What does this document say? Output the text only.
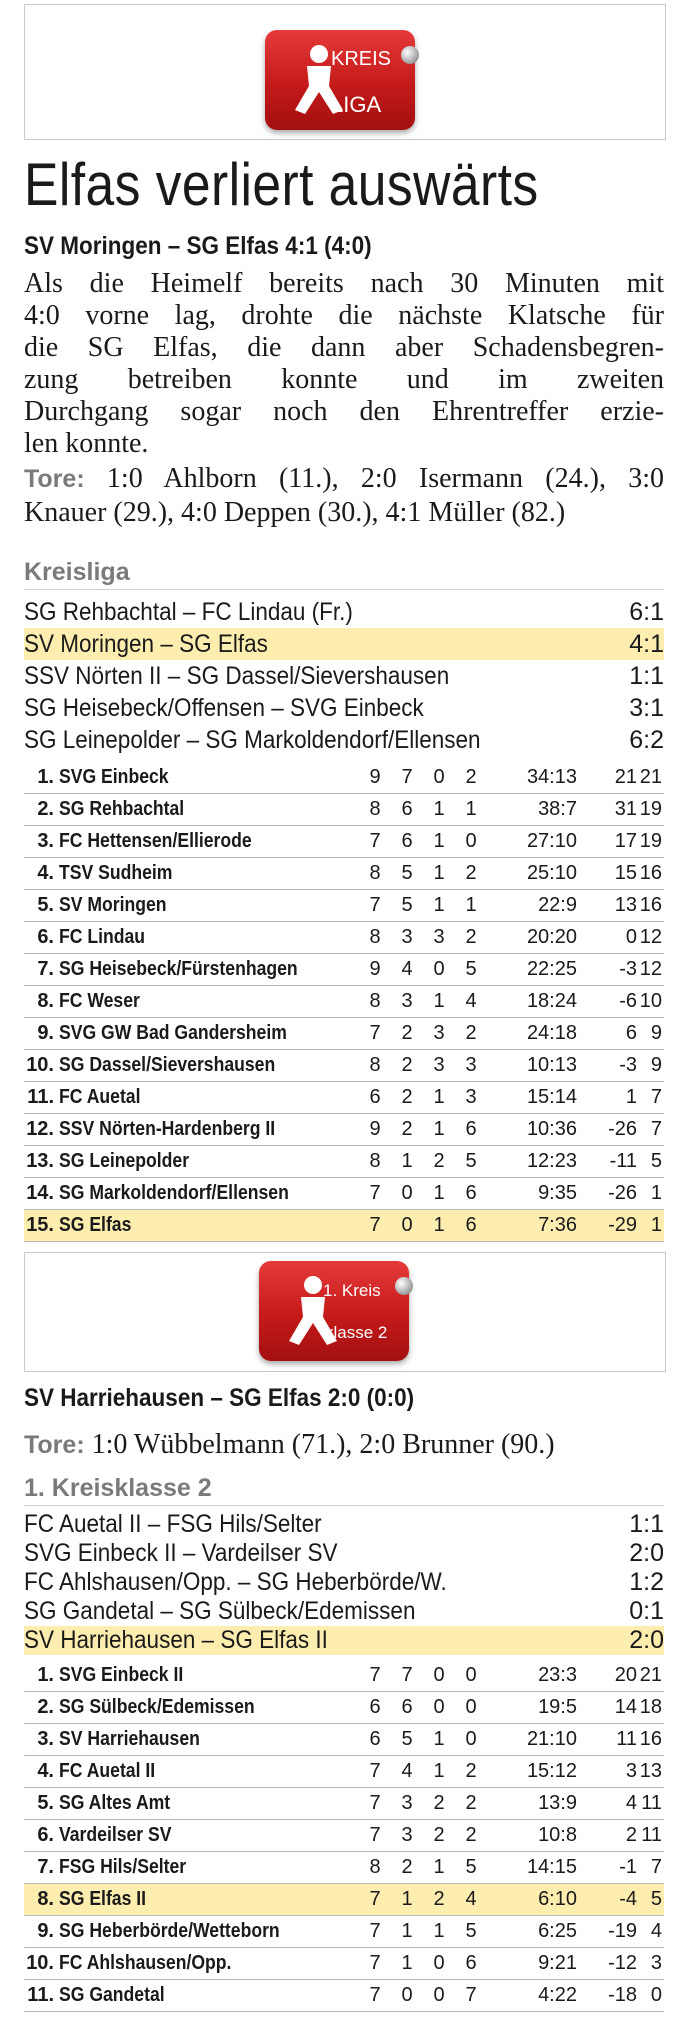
KREIS
LIGA
Elfas verliert auswärts
SV Moringen – SG Elfas 4:1 (4:0)
Als die Heimelf bereits nach 30 Minuten mit
4:0 vorne lag, drohte die nächste Klatsche für
die SG Elfas, die dann aber Schadensbegren-
zung betreiben konnte und im zweiten
Durchgang sogar noch den Ehrentreffer erzie-
len konnte.
Tore: 1:0 Ahlborn (11.), 2:0 Isermann (24.), 3:0
Knauer (29.), 4:0 Deppen (30.), 4:1 Müller (82.)
Kreisliga
SG Rehbachtal – FC Lindau (Fr.)	6:1
SV Moringen – SG Elfas	4:1
SSV Nörten II – SG Dassel/Sievershausen	1:1
SG Heisebeck/Offensen – SVG Einbeck	3:1
SG Leinepolder – SG Markoldendorf/Ellensen	6:2
1.	SVG Einbeck	9	7	0	2	34:13	21	21
2.	SG Rehbachtal	8	6	1	1	38:7	31	19
3.	FC Hettensen/Ellierode	7	6	1	0	27:10	17	19
4.	TSV Sudheim	8	5	1	2	25:10	15	16
5.	SV Moringen	7	5	1	1	22:9	13	16
6.	FC Lindau	8	3	3	2	20:20	0	12
7.	SG Heisebeck/Fürstenhagen	9	4	0	5	22:25	-3	12
8.	FC Weser	8	3	1	4	18:24	-6	10
9.	SVG GW Bad Gandersheim	7	2	3	2	24:18	6	9
10.	SG Dassel/Sievershausen	8	2	3	3	10:13	-3	9
11.	FC Auetal	6	2	1	3	15:14	1	7
12.	SSV Nörten-Hardenberg II	9	2	1	6	10:36	-26	7
13.	SG Leinepolder	8	1	2	5	12:23	-11	5
14.	SG Markoldendorf/Ellensen	7	0	1	6	9:35	-26	1
15.	SG Elfas	7	0	1	6	7:36	-29	1
1. Kreis
klasse 2
SV Harriehausen – SG Elfas 2:0 (0:0)
Tore: 1:0 Wübbelmann (71.), 2:0 Brunner (90.)
1. Kreisklasse 2
FC Auetal II – FSG Hils/Selter	1:1
SVG Einbeck II – Vardeilser SV	2:0
FC Ahlshausen/Opp. – SG Heberbörde/W.	1:2
SG Gandetal – SG Sülbeck/Edemissen	0:1
SV Harriehausen – SG Elfas II	2:0
1.	SVG Einbeck II	7	7	0	0	23:3	20	21
2.	SG Sülbeck/Edemissen	6	6	0	0	19:5	14	18
3.	SV Harriehausen	6	5	1	0	21:10	11	16
4.	FC Auetal II	7	4	1	2	15:12	3	13
5.	SG Altes Amt	7	3	2	2	13:9	4	11
6.	Vardeilser SV	7	3	2	2	10:8	2	11
7.	FSG Hils/Selter	8	2	1	5	14:15	-1	7
8.	SG Elfas II	7	1	2	4	6:10	-4	5
9.	SG Heberbörde/Wetteborn	7	1	1	5	6:25	-19	4
10.	FC Ahlshausen/Opp.	7	1	0	6	9:21	-12	3
11.	SG Gandetal	7	0	0	7	4:22	-18	0
